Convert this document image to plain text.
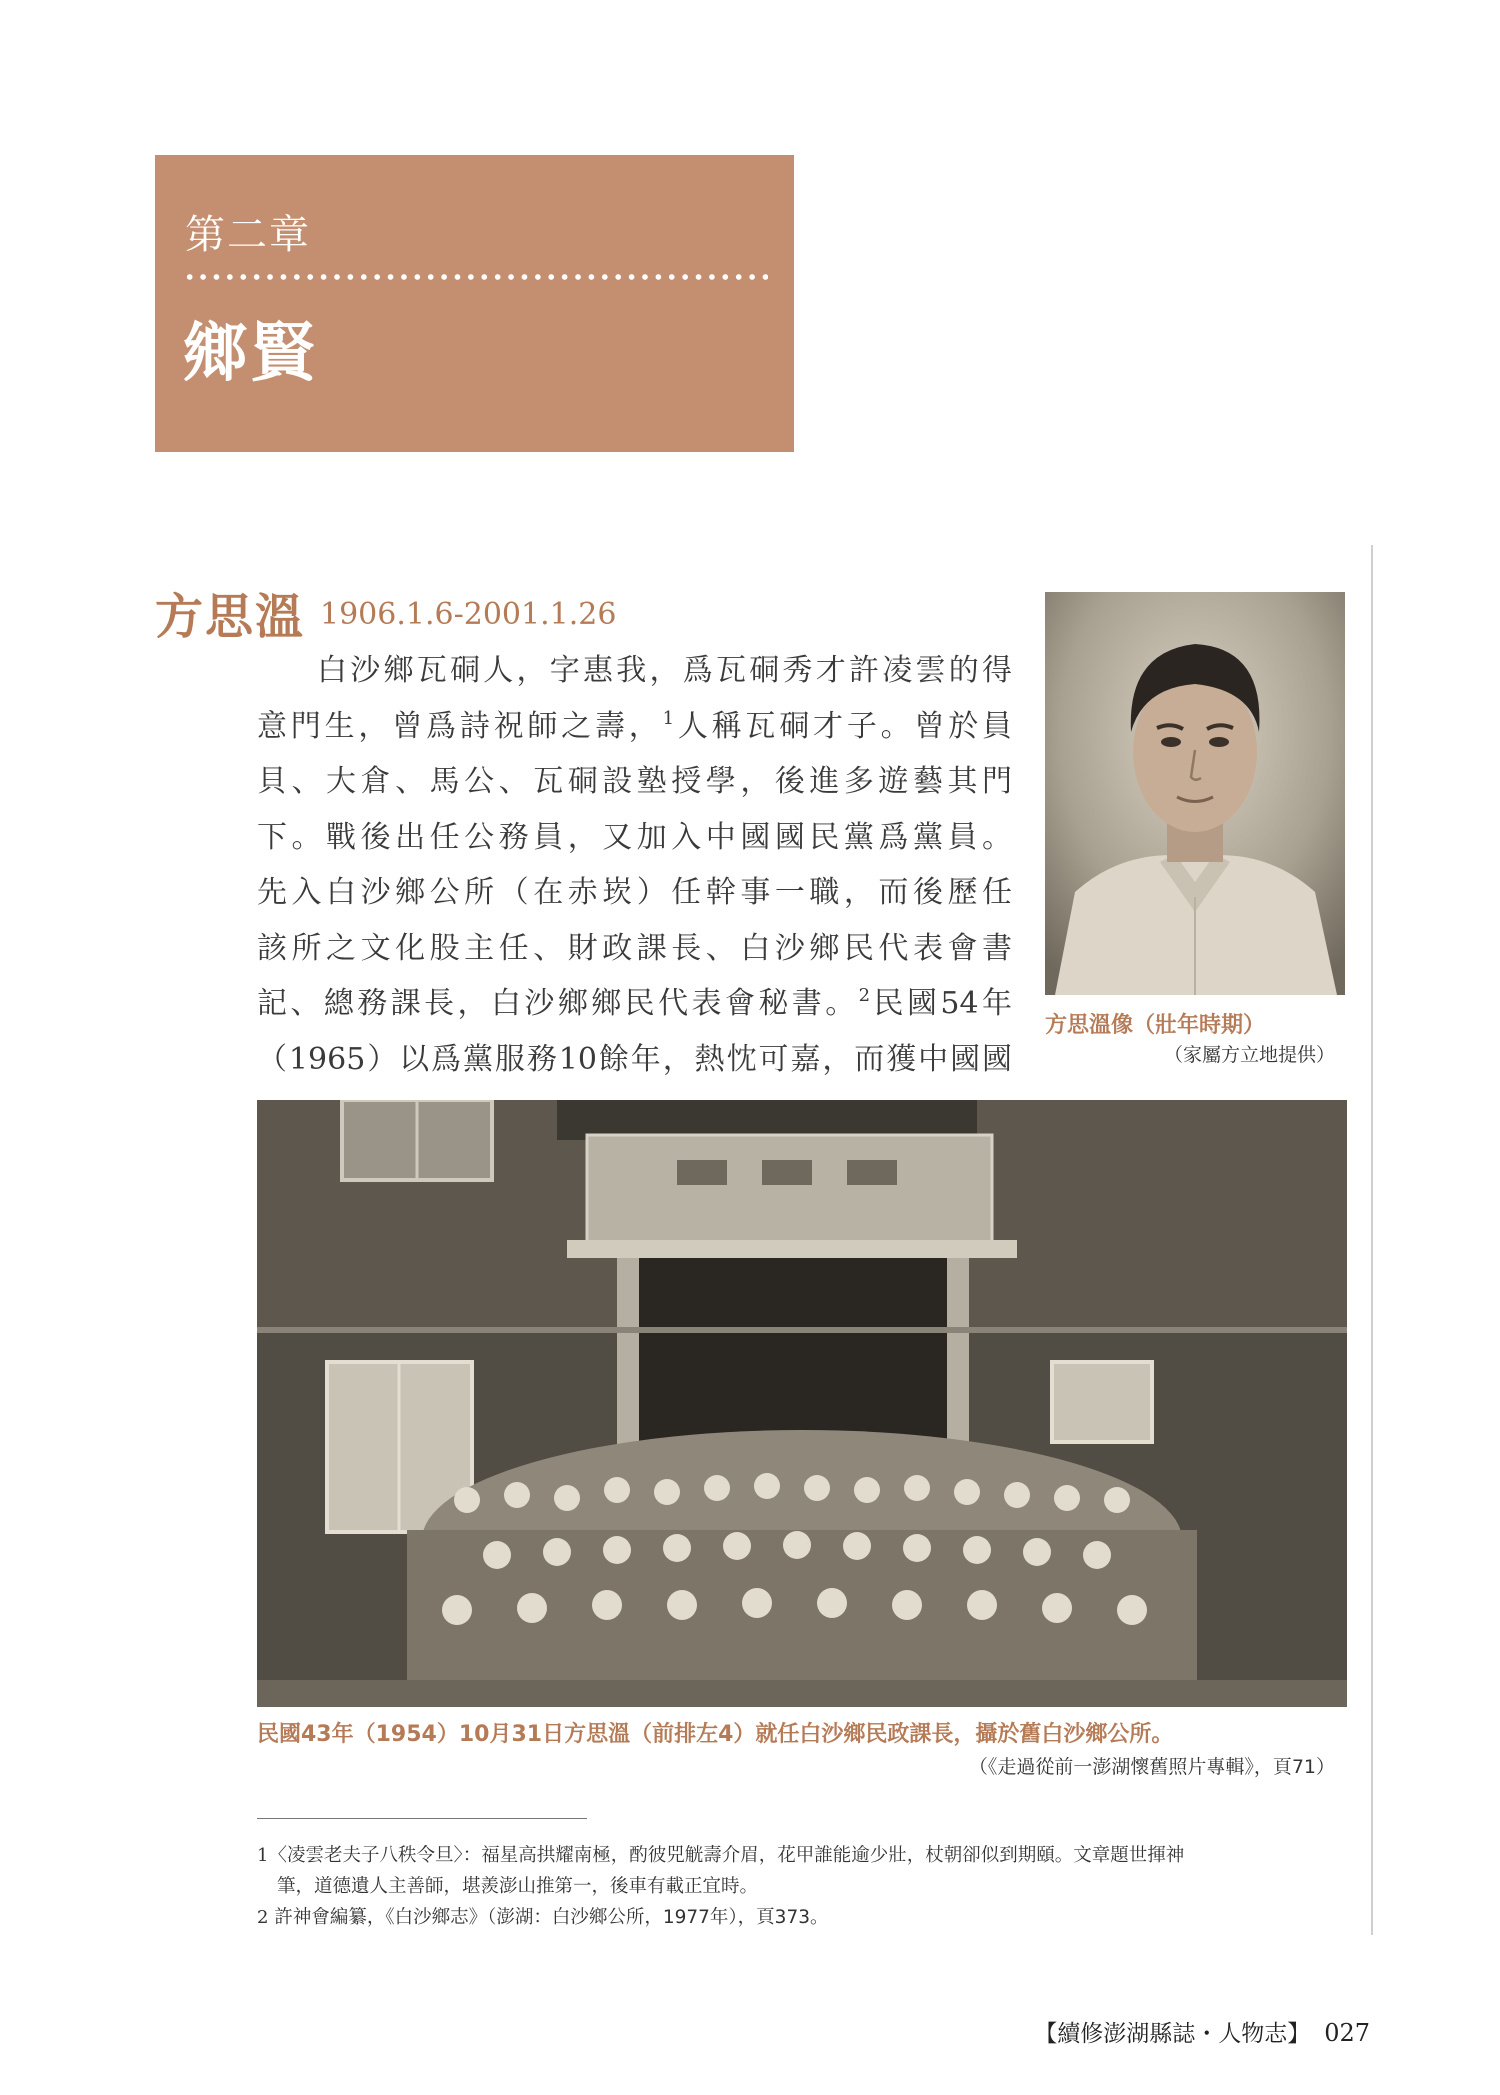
第二章
鄉賢
方思溫 1906.1.6-2001.1.26
白沙鄉瓦硐人，字惠我，爲瓦硐秀才許凌雲的得
意門生，曾爲詩祝師之壽，$^1$人稱瓦硐才子。曾於員
貝、大倉、馬公、瓦硐設塾授學，後進多遊藝其門
下。戰後出任公務員，又加入中國國民黨爲黨員。
先入白沙鄉公所（在赤崁）任幹事一職，而後歷任
該所之文化股主任、財政課長、白沙鄉民代表會書
記、總務課長，白沙鄉鄉民代表會秘書。$^2$民國54年
（1965）以爲黨服務10餘年，熱忱可嘉，而獲中國國
方思溫像（壯年時期）
（家屬方立地提供）
民國43年（1954）10月31日方思溫（前排左4）就任白沙鄉民政課長，攝於舊白沙鄉公所。
（《走過從前一澎湖懷舊照片專輯》，頁71）
1〈凌雲老夫子八秩令旦〉：福星高拱耀南極，酌彼兕觥壽介眉，花甲誰能逾少壯，杖朝卻似到期頤。文章題世揮神
筆，道德遺人主善師，堪羨澎山推第一，後車有載正宜時。
2 許神會編纂，《白沙鄉志》（澎湖：白沙鄉公所，1977年），頁373。
【續修澎湖縣誌・人物志】 027
